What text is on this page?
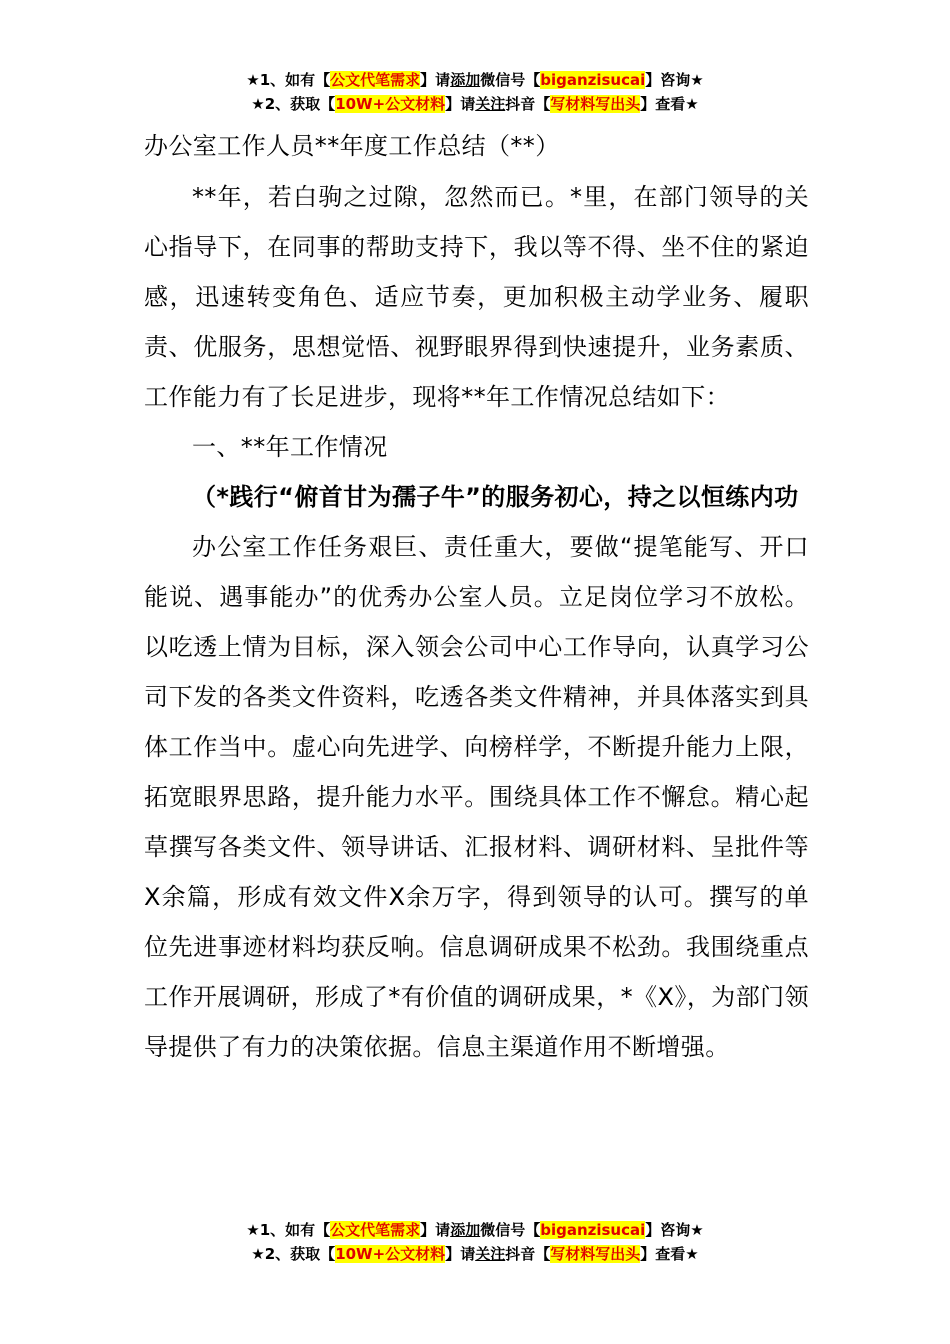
★1、如有【公文代笔需求】请添加微信号【biganzisucai】咨询★
★2、获取【10W+公文材料】请关注抖音【写材料写出头】查看★

办公室工作人员**年度工作总结（**）

**年，若白驹之过隙，忽然而已。*里，在部门领导的关心指导下，在同事的帮助支持下，我以等不得、坐不住的紧迫感，迅速转变角色、适应节奏，更加积极主动学业务、履职责、优服务，思想觉悟、视野眼界得到快速提升，业务素质、工作能力有了长足进步，现将**年工作情况总结如下：

一、**年工作情况

（*践行“俯首甘为孺子牛”的服务初心，持之以恒练内功

办公室工作任务艰巨、责任重大，要做“提笔能写、开口能说、遇事能办”的优秀办公室人员。立足岗位学习不放松。以吃透上情为目标，深入领会公司中心工作导向，认真学习公司下发的各类文件资料，吃透各类文件精神，并具体落实到具体工作当中。虚心向先进学、向榜样学，不断提升能力上限，拓宽眼界思路，提升能力水平。围绕具体工作不懈怠。精心起草撰写各类文件、领导讲话、汇报材料、调研材料、呈批件等X余篇，形成有效文件X余万字，得到领导的认可。撰写的单位先进事迹材料均获反响。信息调研成果不松劲。我围绕重点工作开展调研，形成了*有价值的调研成果，*《X》，为部门领导提供了有力的决策依据。信息主渠道作用不断增强。

★1、如有【公文代笔需求】请添加微信号【biganzisucai】咨询★
★2、获取【10W+公文材料】请关注抖音【写材料写出头】查看★
